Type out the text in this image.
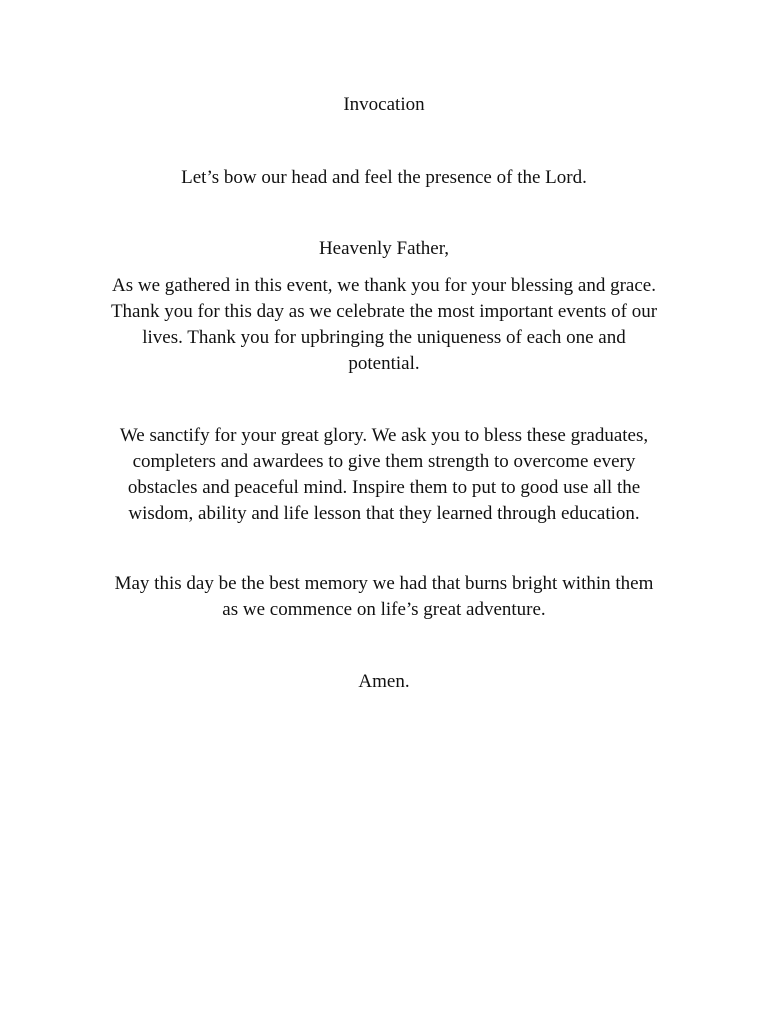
Invocation

Let’s bow our head and feel the presence of the Lord.

Heavenly Father,

As we gathered in this event, we thank you for your blessing and grace.

Thank you for this day as we celebrate the most important events of our

lives. Thank you for upbringing the uniqueness of each one and

potential.

We sanctify for your great glory. We ask you to bless these graduates,

completers and awardees to give them strength to overcome every

obstacles and peaceful mind. Inspire them to put to good use all the

wisdom, ability and life lesson that they learned through education.

May this day be the best memory we had that burns bright within them

as we commence on life’s great adventure.

Amen.
